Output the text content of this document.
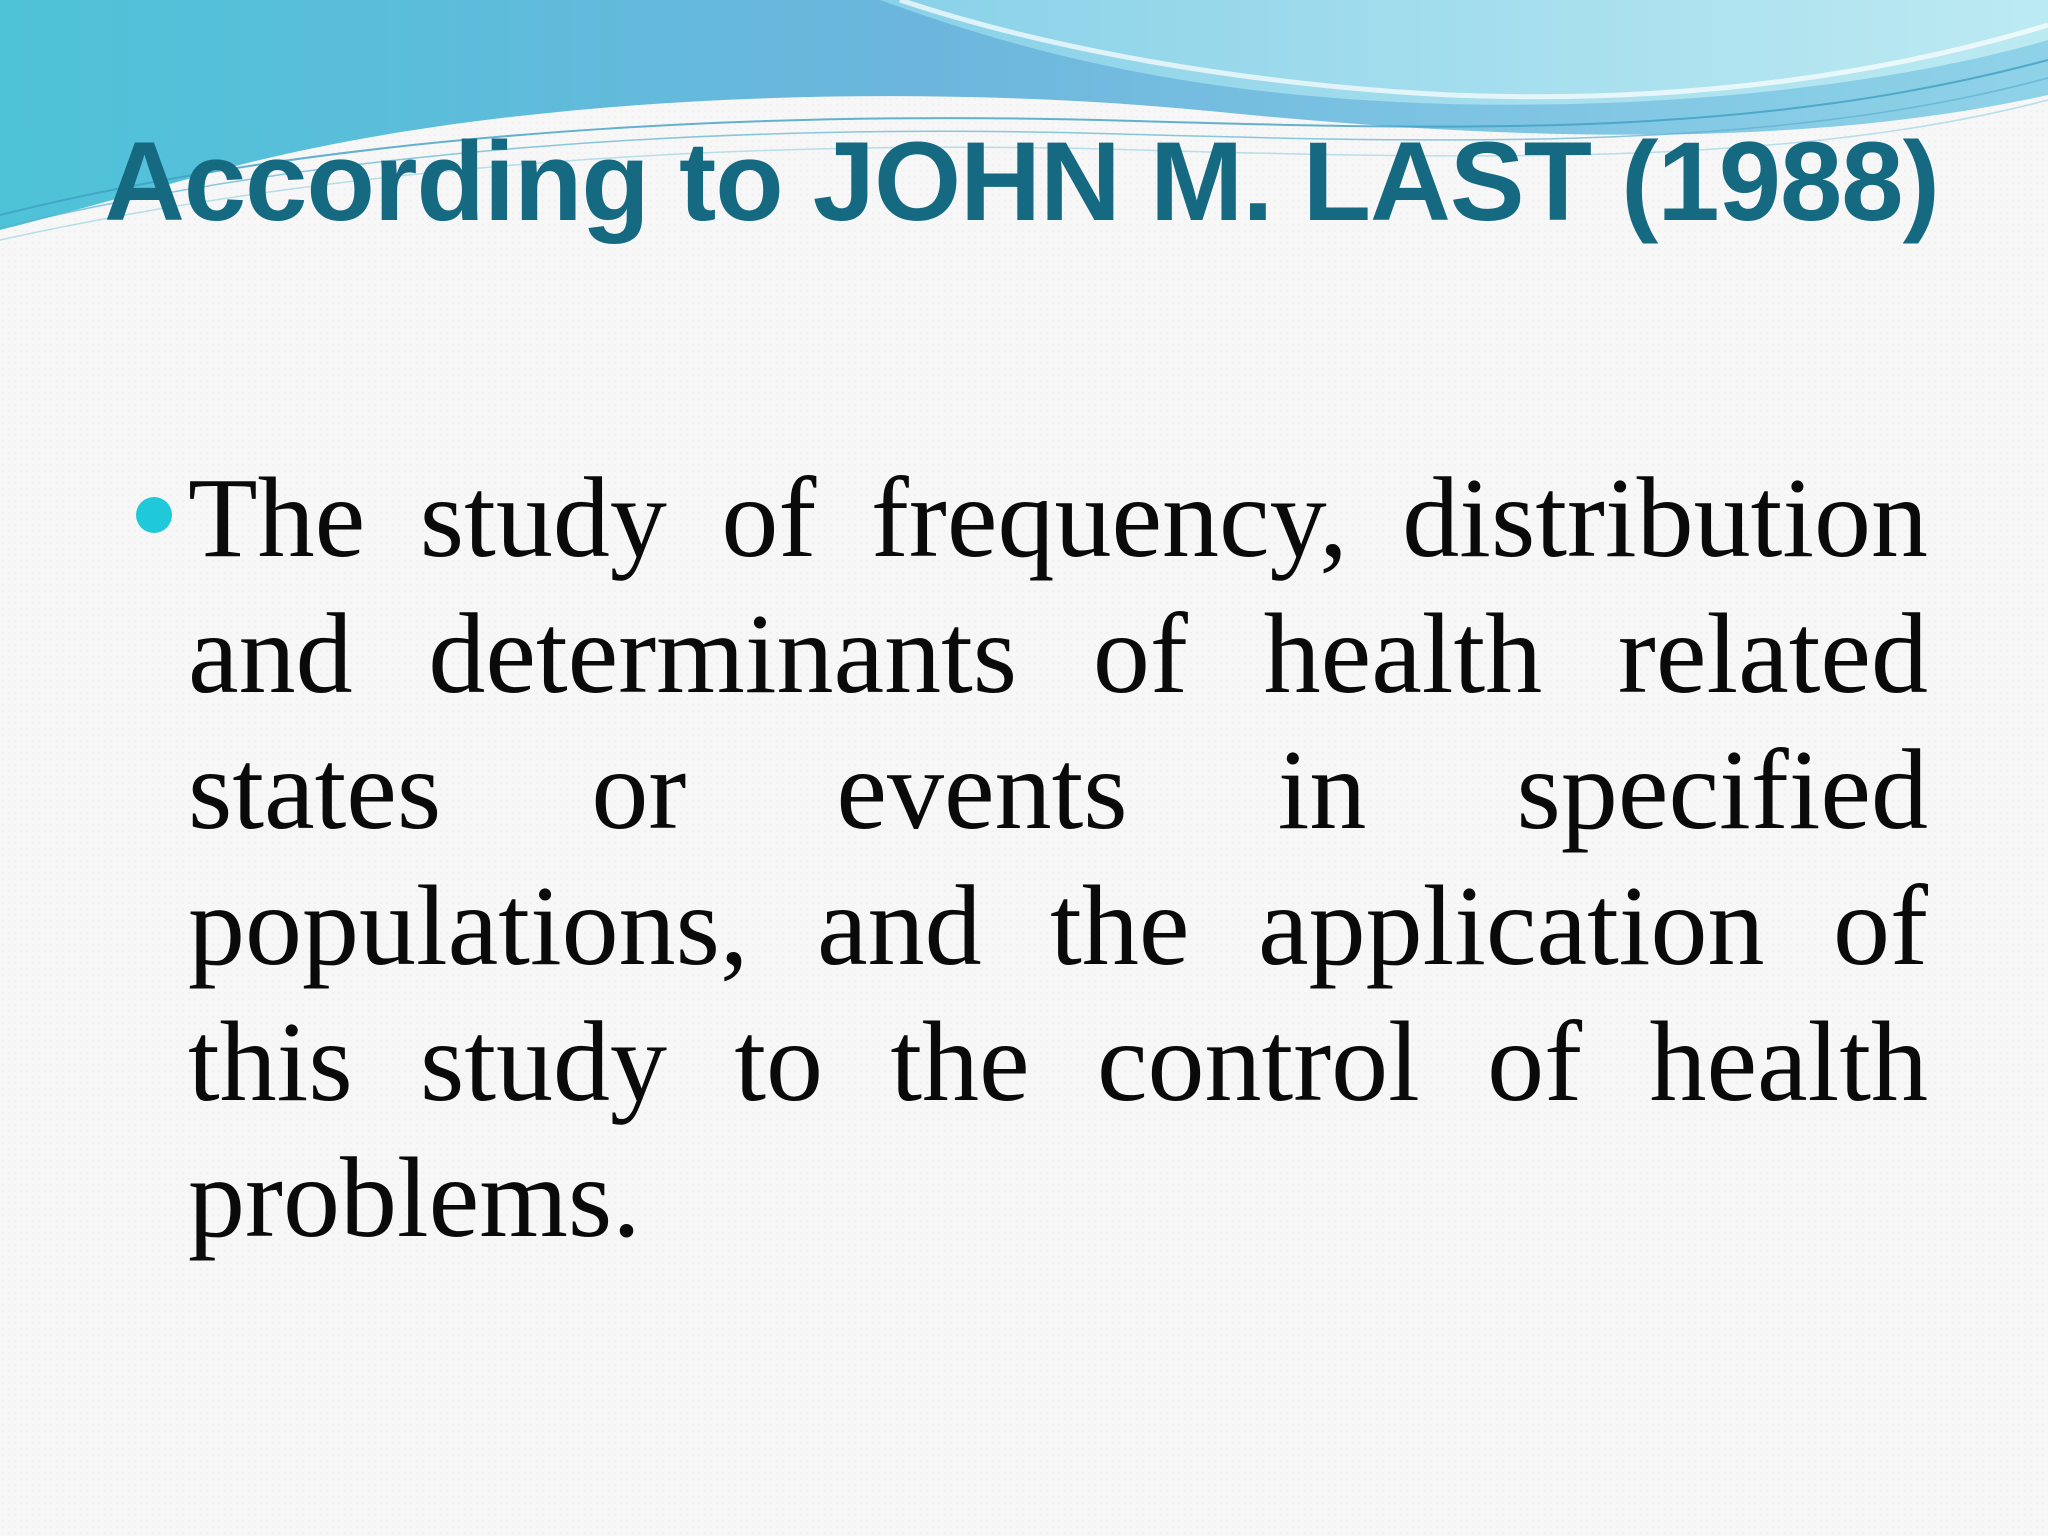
According to JOHN M. LAST (1988)
The study of frequency, distribution and determinants of health related states or events in specified populations, and the application of this study to the control of health problems.
